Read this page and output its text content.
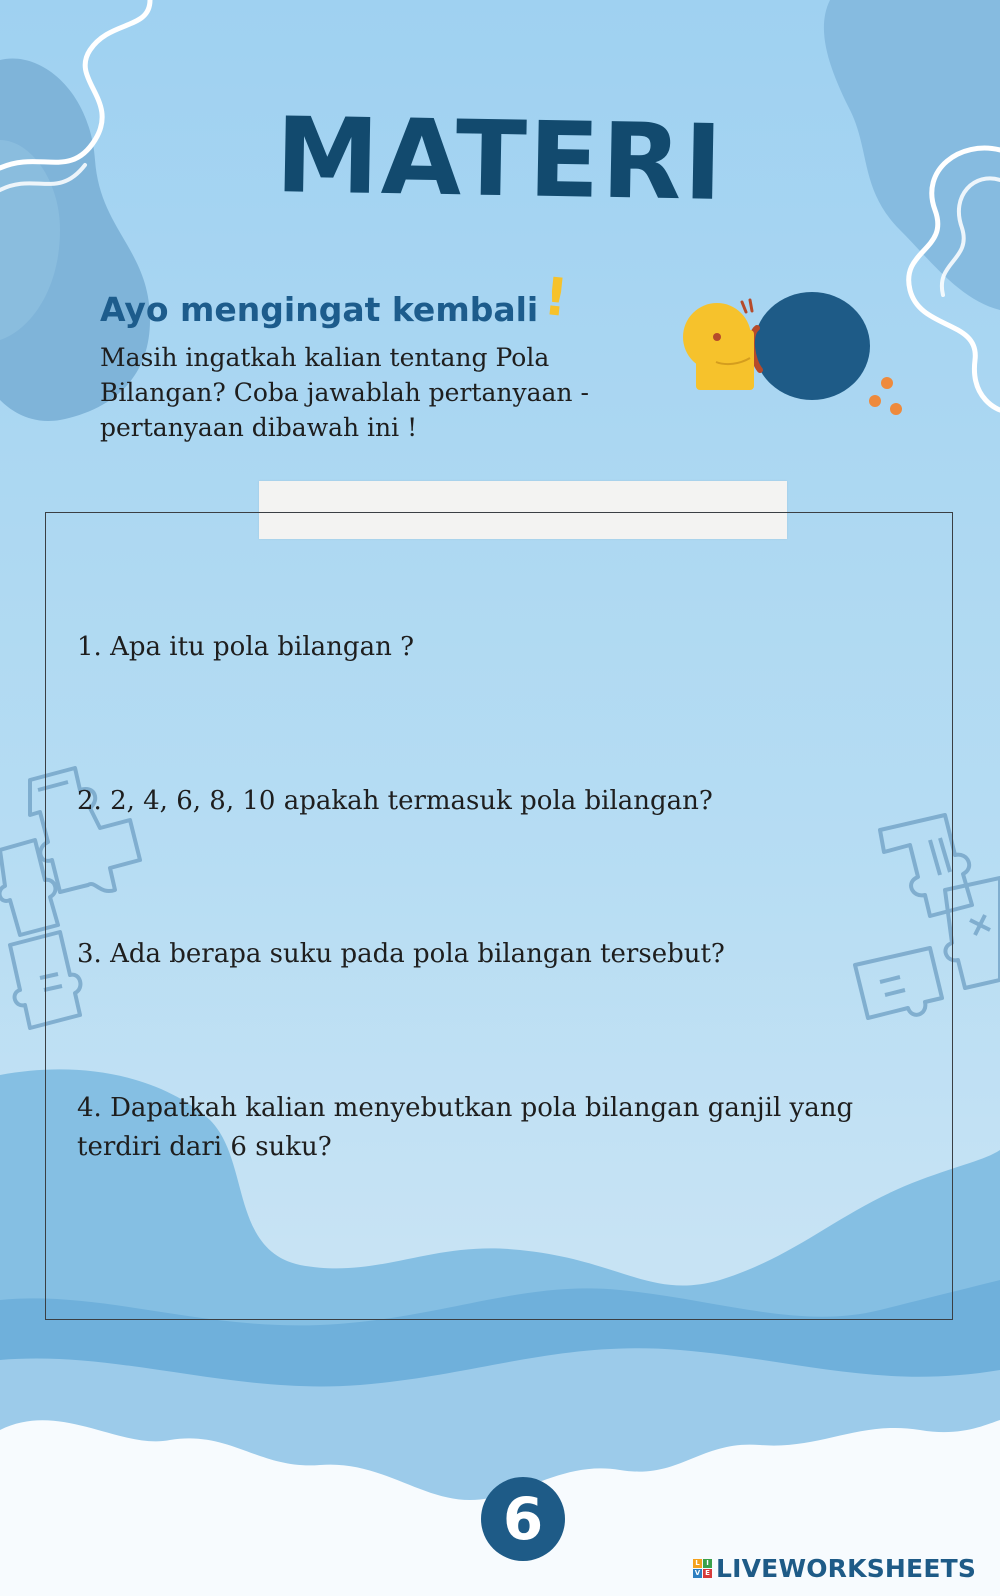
MATERI
Ayo mengingat kembali !

Masih ingatkah kalian tentang Pola Bilangan? Coba jawablah pertanyaan - pertanyaan dibawah ini !

1. Apa itu pola bilangan ?

2. 2, 4, 6, 8, 10 apakah termasuk pola bilangan?

3. Ada berapa suku pada pola bilangan tersebut?

4. Dapatkah kalian menyebutkan pola bilangan ganjil yang terdiri dari 6 suku?

6
L I
V E LIVEWORKSHEETS
